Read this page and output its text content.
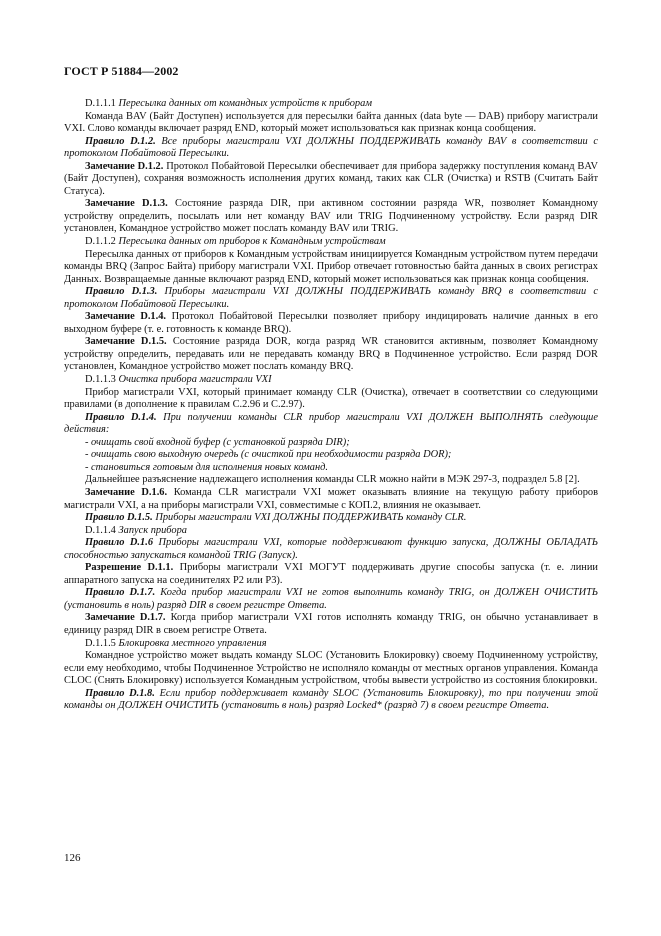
ГОСТ Р 51884—2002

D.1.1.1 Пересылка данных от командных устройств к приборам

Команда BAV (Байт Доступен) используется для пересылки байта данных (data byte — DAB) прибору магистрали VXI. Слово команды включает разряд END, который может использоваться как признак конца сообщения.

Правило D.1.2. Все приборы магистрали VXI ДОЛЖНЫ ПОДДЕРЖИВАТЬ команду BAV в соответствии с протоколом Побайтовой Пересылки.

Замечание D.1.2. Протокол Побайтовой Пересылки обеспечивает для прибора задержку поступления команд BAV (Байт Доступен), сохраняя возможность исполнения других команд, таких как CLR (Очистка) и RSTB (Считать Байт Статуса).

Замечание D.1.3. Состояние разряда DIR, при активном состоянии разряда WR, позволяет Командному устройству определить, посылать или нет команду BAV или TRIG Подчиненному устройству. Если разряд DIR установлен, Командное устройство может послать команду BAV или TRIG.

D.1.1.2 Пересылка данных от приборов к Командным устройствам

Пересылка данных от приборов к Командным устройствам инициируется Командным устройством путем передачи команды BRQ (Запрос Байта) прибору магистрали VXI. Прибор отвечает готовностью байта данных в своих регистрах Данных. Возвращаемые данные включают разряд END, который может использоваться как признак конца сообщения.

Правило D.1.3. Приборы магистрали VXI ДОЛЖНЫ ПОДДЕРЖИВАТЬ команду BRQ в соответствии с протоколом Побайтовой Пересылки.

Замечание D.1.4. Протокол Побайтовой Пересылки позволяет прибору индицировать наличие данных в его выходном буфере (т. е. готовность к команде BRQ).

Замечание D.1.5. Состояние разряда DOR, когда разряд WR становится активным, позволяет Командному устройству определить, передавать или не передавать команду BRQ в Подчиненное устройство. Если разряд DOR установлен, Командное устройство может послать команду BRQ.

D.1.1.3 Очистка прибора магистрали VXI

Прибор магистрали VXI, который принимает команду CLR (Очистка), отвечает в соответствии со следующими правилами (в дополнение к правилам C.2.96 и C.2.97).

Правило D.1.4. При получении команды CLR прибор магистрали VXI ДОЛЖЕН ВЫПОЛНЯТЬ следующие действия:

- очищать свой входной буфер (с установкой разряда DIR);

- очищать свою выходную очередь (с очисткой при необходимости разряда DOR);

- становиться готовым для исполнения новых команд.

Дальнейшее разъяснение надлежащего исполнения команды CLR можно найти в МЭК 297-3, подраздел 5.8 [2].

Замечание D.1.6. Команда CLR магистрали VXI может оказывать влияние на текущую работу приборов магистрали VXI, а на приборы магистрали VXI, совместимые с КОП.2, влияния не оказывает.

Правило D.1.5. Приборы магистрали VXI ДОЛЖНЫ ПОДДЕРЖИВАТЬ команду CLR.

D.1.1.4 Запуск прибора

Правило D.1.6 Приборы магистрали VXI, которые поддерживают функцию запуска, ДОЛЖНЫ ОБЛАДАТЬ способностью запускаться командой TRIG (Запуск).

Разрешение D.1.1. Приборы магистрали VXI МОГУТ поддерживать другие способы запуска (т. е. линии аппаратного запуска на соединителях P2 или P3).

Правило D.1.7. Когда прибор магистрали VXI не готов выполнить команду TRIG, он ДОЛЖЕН ОЧИСТИТЬ (установить в ноль) разряд DIR в своем регистре Ответа.

Замечание D.1.7. Когда прибор магистрали VXI готов исполнять команду TRIG, он обычно устанавливает в единицу разряд DIR в своем регистре Ответа.

D.1.1.5 Блокировка местного управления

Командное устройство может выдать команду SLOC (Установить Блокировку) своему Подчиненному устройству, если ему необходимо, чтобы Подчиненное Устройство не исполняло команды от местных органов управления. Команда CLOC (Снять Блокировку) используется Командным устройством, чтобы вывести устройство из состояния блокировки.

Правило D.1.8. Если прибор поддерживает команду SLOC (Установить Блокировку), то при получении этой команды он ДОЛЖЕН ОЧИСТИТЬ (установить в ноль) разряд Locked* (разряд 7) в своем регистре Ответа.

126
